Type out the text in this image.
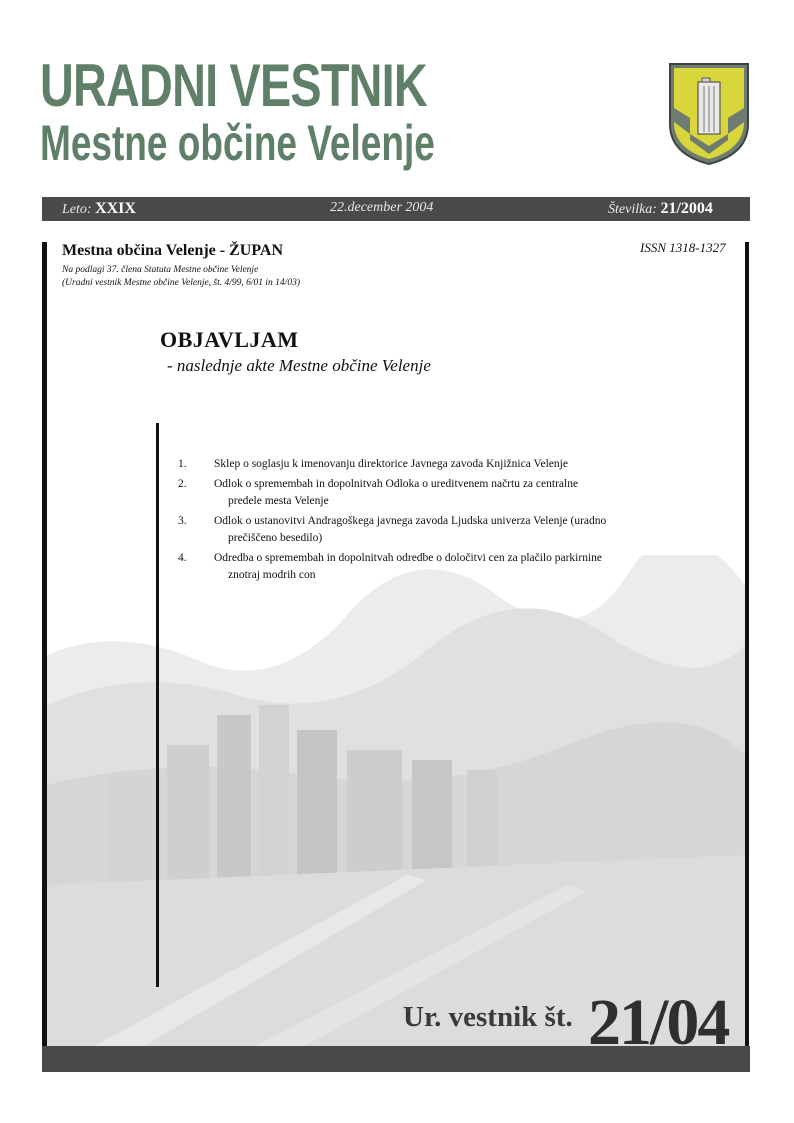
URADNI VESTNIK
Mestne občine Velenje
Leto: XXIX	22.december 2004	Številka: 21/2004
Mestna občina Velenje - ŽUPAN	ISSN 1318-1327
Na podlagi 37. člena Statuta Mestne občine Velenje
(Uradni vestnik Mestne občine Velenje, št. 4/99, 6/01 in 14/03)
OBJAVLJAM
- naslednje akte Mestne občine Velenje
1. Sklep o soglasju k imenovanju direktorice Javnega zavoda Knjižnica Velenje
2. Odlok o spremembah in dopolnitvah Odloka o ureditvenem načrtu za centralne
predele mesta Velenje
3. Odlok o ustanovitvi Andragoškega javnega zavoda Ljudska univerza Velenje (uradno
prečiščeno besedilo)
4. Odredba o spremembah in dopolnitvah odredbe o določitvi cen za plačilo parkirnine
znotraj modrih con
Ur. vestnik št. 21/04
